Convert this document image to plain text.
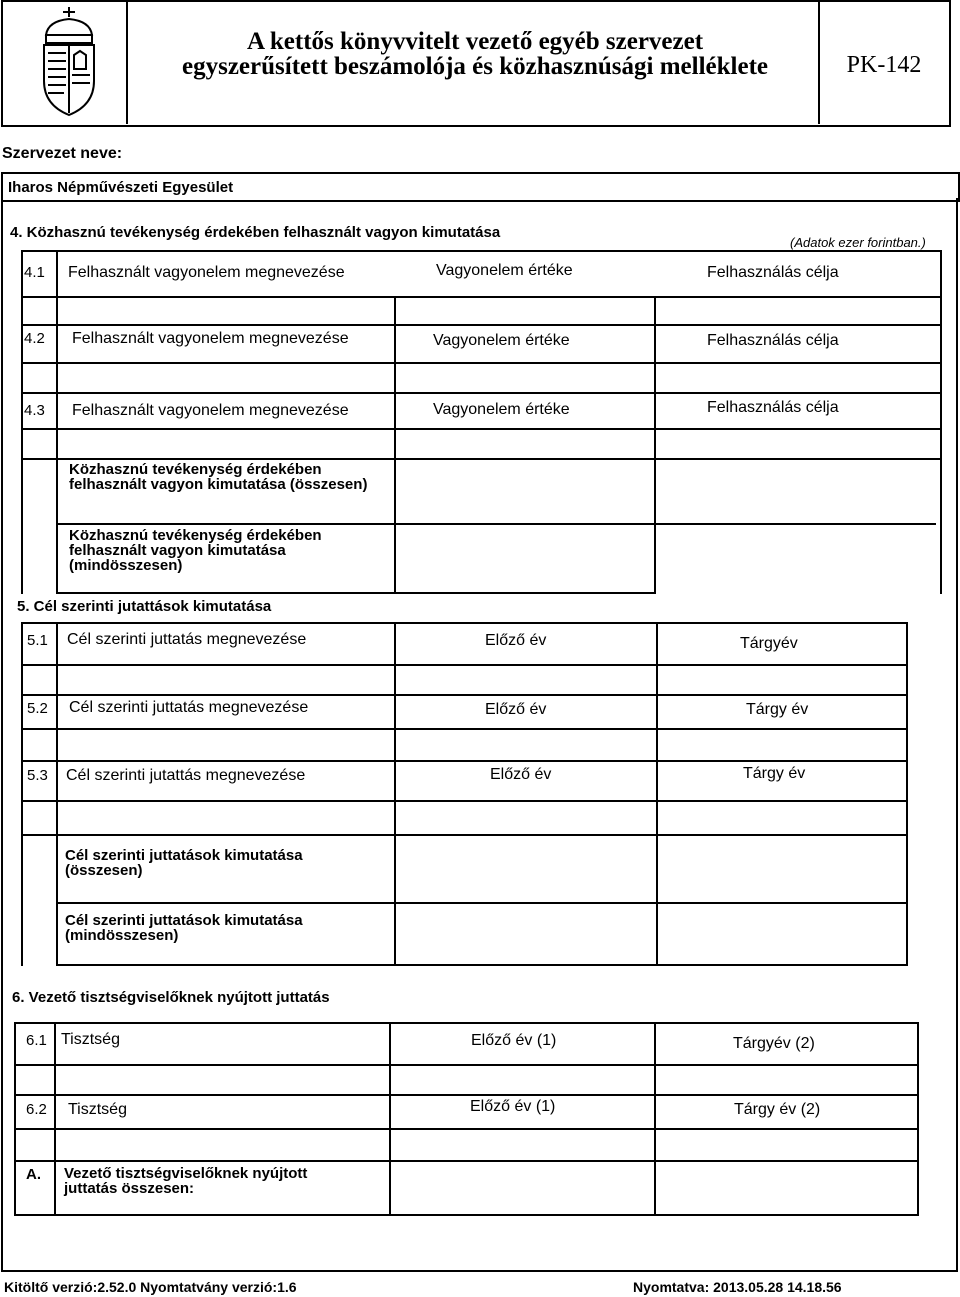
A kettős könyvvitelt vezető egyéb szervezet
egyszerűsített beszámolója és közhasznúsági melléklete	PK-142
Szervezet neve:
Iharos Népművészeti Egyesület
4. Közhasznú tevékenység érdekében felhasznált vagyon kimutatása
(Adatok ezer forintban.)
4.1 Felhasznált vagyonelem megnevezése	Vagyonelem értéke	Felhasználás célja
4.2 Felhasznált vagyonelem megnevezése	Vagyonelem értéke	Felhasználás célja
4.3 Felhasznált vagyonelem megnevezése	Vagyonelem értéke	Felhasználás célja
Közhasznú tevékenység érdekében felhasznált vagyon kimutatása (összesen)
Közhasznú tevékenység érdekében felhasznált vagyon kimutatása (mindösszesen)
5. Cél szerinti jutattások kimutatása
5.1 Cél szerinti juttatás megnevezése	Előző év	Tárgyév
5.2 Cél szerinti juttatás megnevezése	Előző év	Tárgy év
5.3 Cél szerinti jutattás megnevezése	Előző év	Tárgy év
Cél szerinti juttatások kimutatása (összesen)
Cél szerinti juttatások kimutatása (mindösszesen)
6. Vezető tisztségviselőknek nyújtott juttatás
6.1 Tisztség	Előző év (1)	Tárgyév (2)
6.2 Tisztség	Előző év (1)	Tárgy év (2)
A. Vezető tisztségviselőknek nyújtott juttatás összesen:
Kitöltő verzió:2.52.0 Nyomtatvány verzió:1.6	Nyomtatva: 2013.05.28 14.18.56
